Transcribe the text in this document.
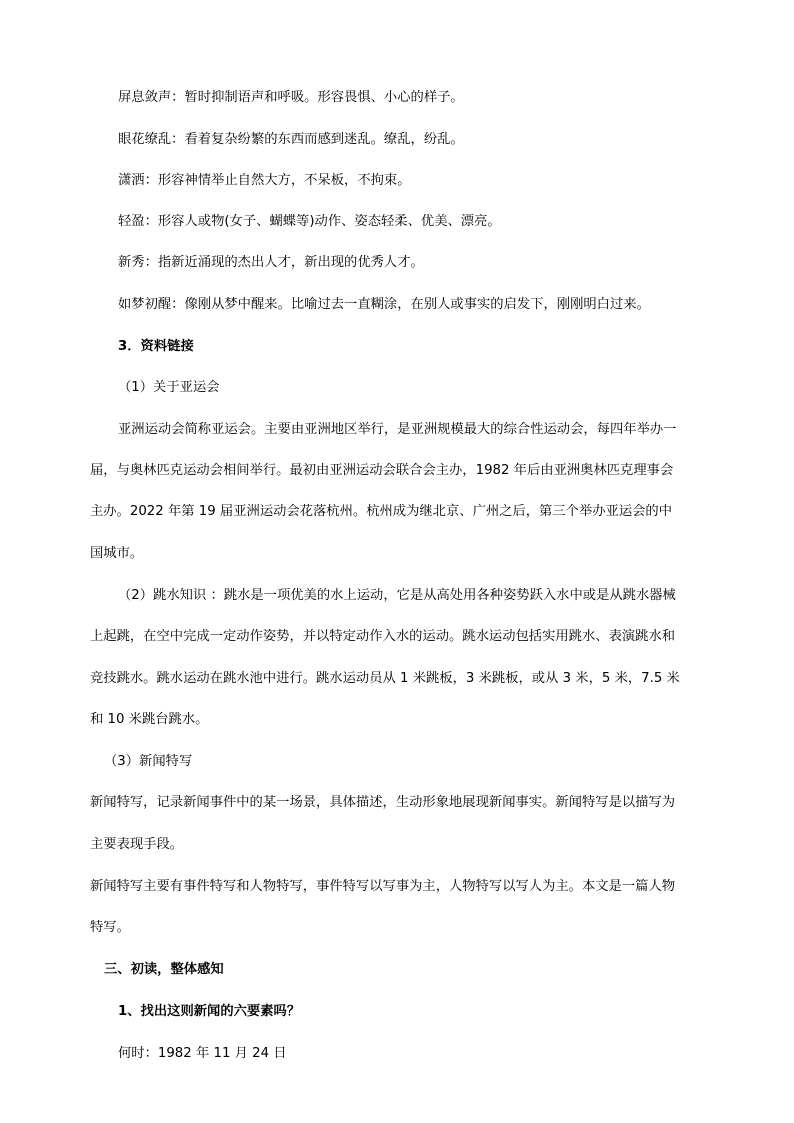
屏息敛声：暂时抑制语声和呼吸。形容畏惧、小心的样子。

眼花缭乱：看着复杂纷繁的东西而感到迷乱。缭乱，纷乱。

潇洒：形容神情举止自然大方，不呆板，不拘束。

轻盈：形容人或物(女子、蝴蝶等)动作、姿态轻柔、优美、漂亮。

新秀：指新近涌现的杰出人才，新出现的优秀人才。

如梦初醒：像刚从梦中醒来。比喻过去一直糊涂，在别人或事实的启发下，刚刚明白过来。

3．资料链接

（1）关于亚运会

亚洲运动会简称亚运会。主要由亚洲地区举行，是亚洲规模最大的综合性运动会，每四年举办一

届，与奥林匹克运动会相间举行。最初由亚洲运动会联合会主办，1982 年后由亚洲奥林匹克理事会

主办。2022 年第 19 届亚洲运动会花落杭州。杭州成为继北京、广州之后，第三个举办亚运会的中

国城市。

（2）跳水知识 ：跳水是一项优美的水上运动，它是从高处用各种姿势跃入水中或是从跳水器械

上起跳，在空中完成一定动作姿势，并以特定动作入水的运动。跳水运动包括实用跳水、表演跳水和

竞技跳水。跳水运动在跳水池中进行。跳水运动员从 1 米跳板，3 米跳板，或从 3 米，5 米，7.5 米

和 10 米跳台跳水。

（3）新闻特写

新闻特写，记录新闻事件中的某一场景，具体描述，生动形象地展现新闻事实。新闻特写是以描写为

主要表现手段。

新闻特写主要有事件特写和人物特写，事件特写以写事为主，人物特写以写人为主。本文是一篇人物

特写。

三、初读，整体感知

1、找出这则新闻的六要素吗？

何时：1982 年 11 月 24 日
